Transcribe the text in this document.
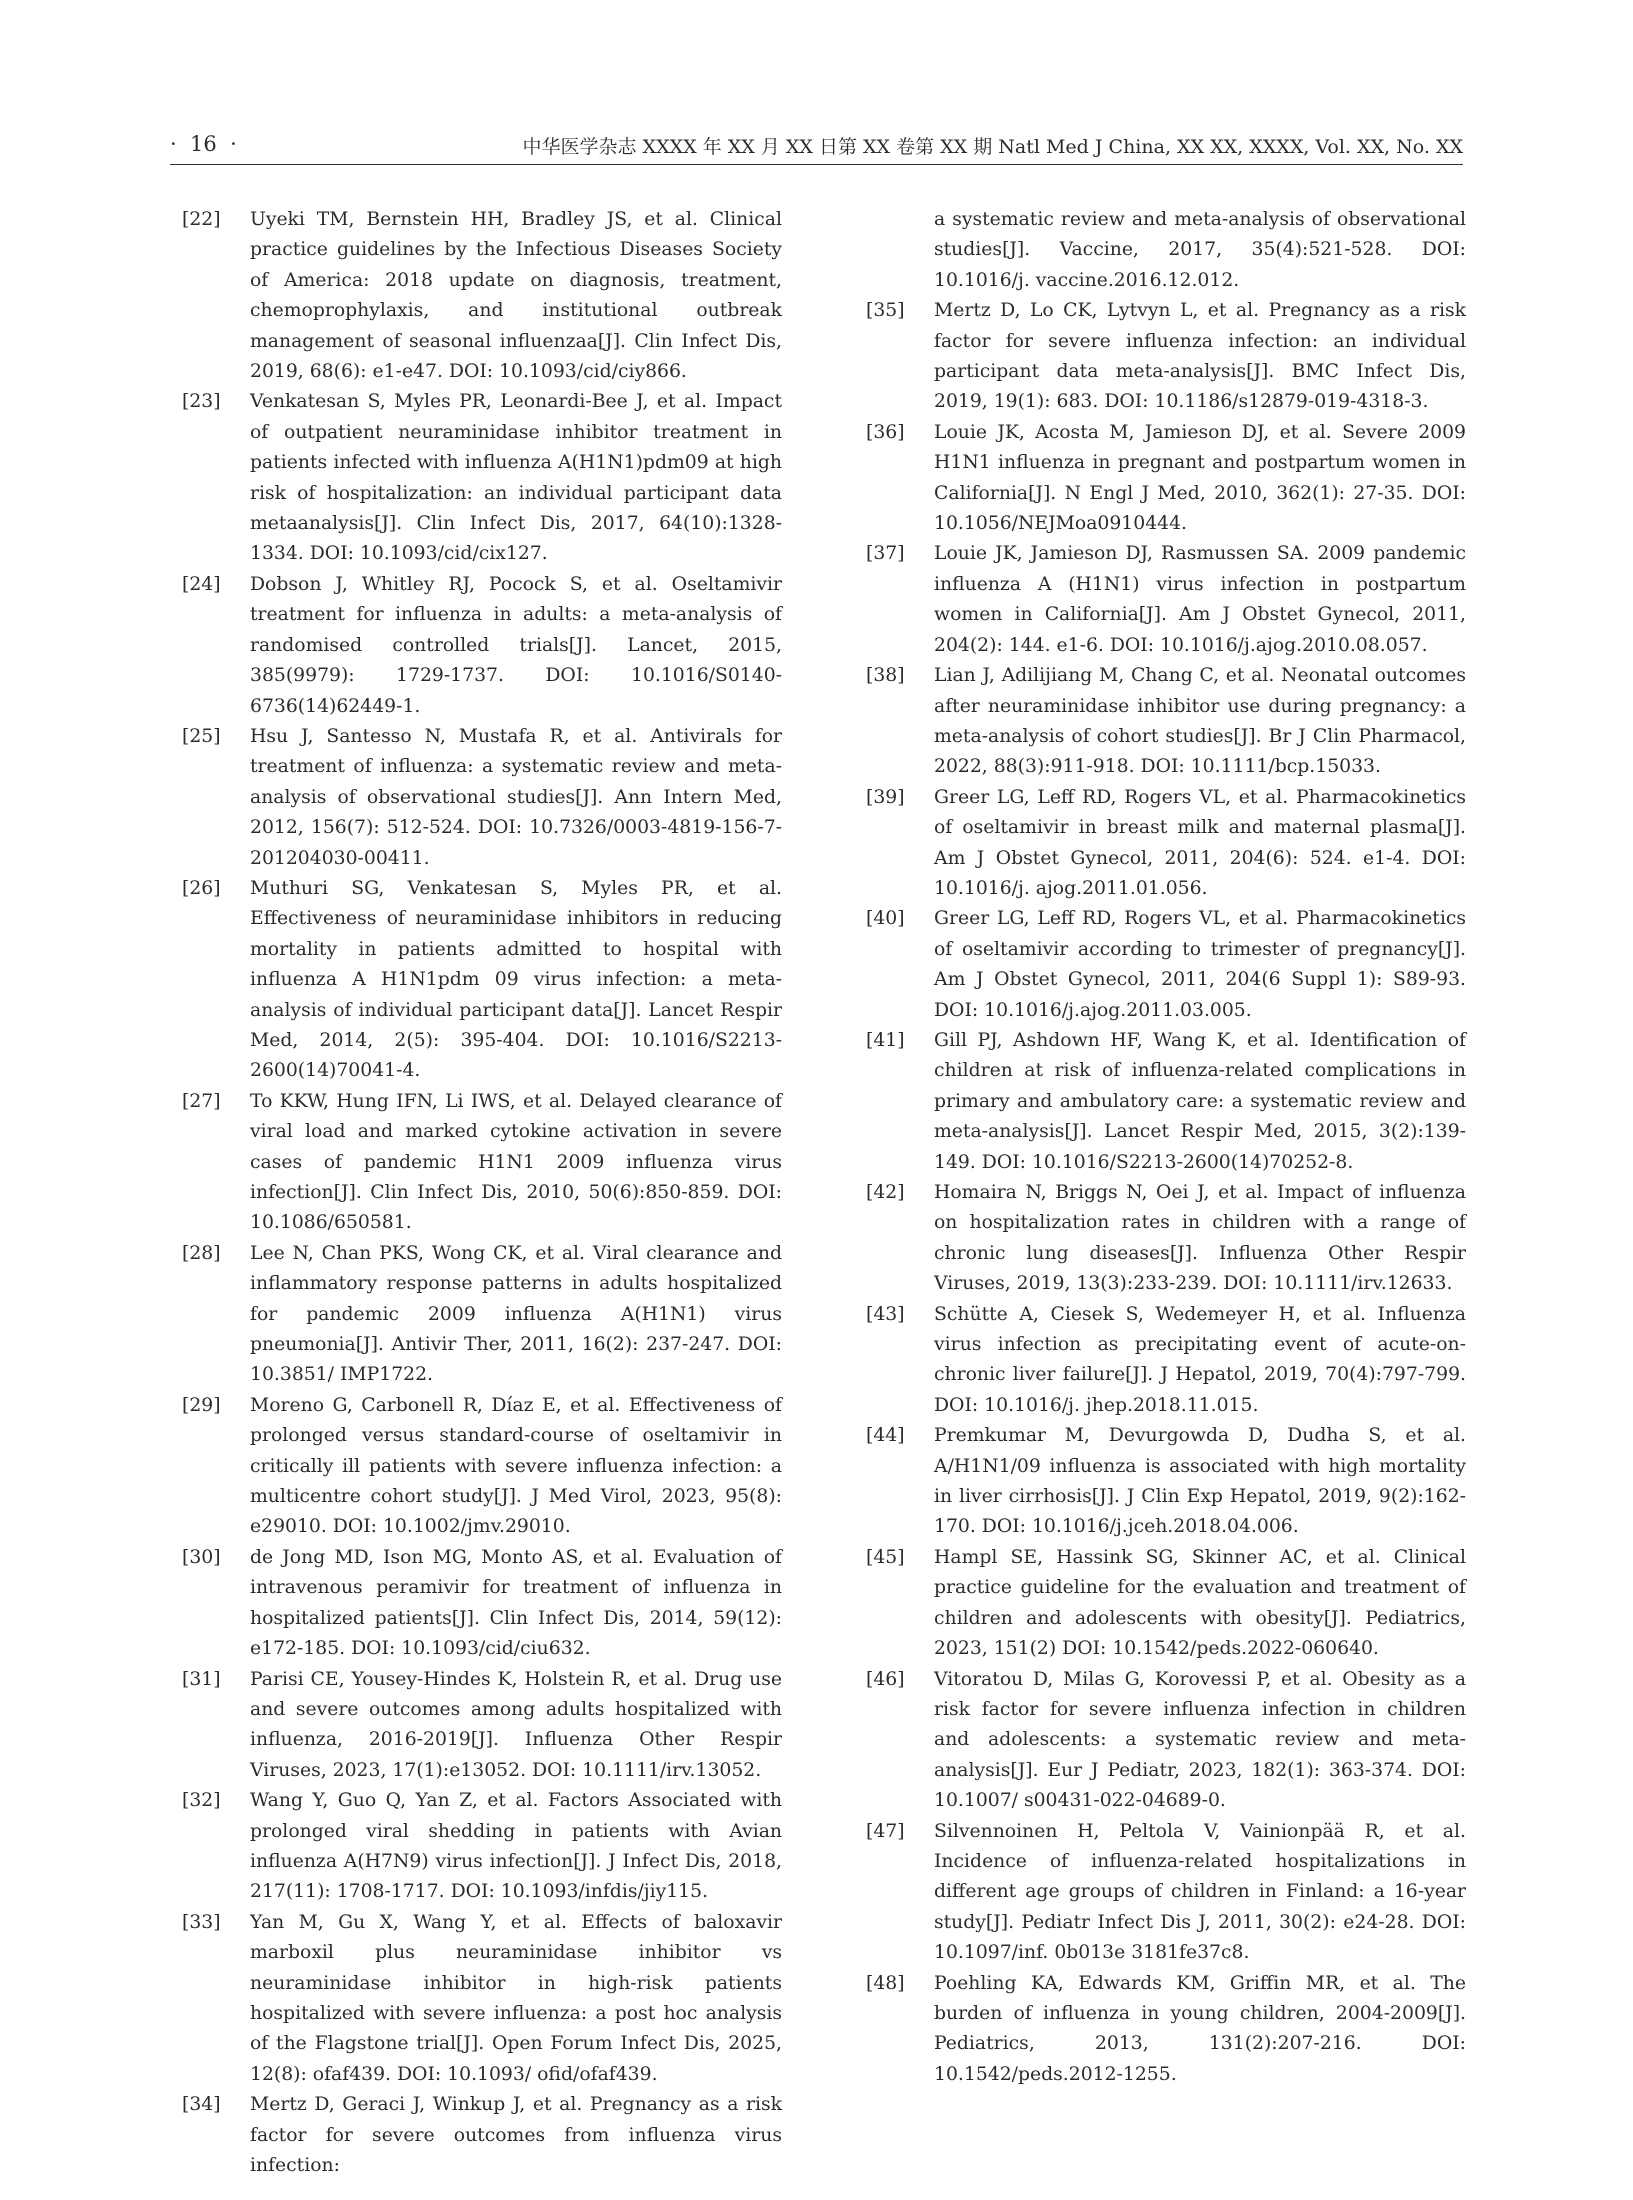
·  16  ·	中华医学杂志 XXXX 年 XX 月 XX 日第 XX 卷第 XX 期 Natl Med J China, XX XX, XXXX, Vol. XX, No. XX
[22] Uyeki TM, Bernstein HH, Bradley JS, et al. Clinical practice guidelines by the Infectious Diseases Society of America: 2018 update on diagnosis, treatment, chemoprophylaxis, and institutional outbreak management of seasonal influenzaa[J]. Clin Infect Dis, 2019, 68(6): e1-e47. DOI: 10.1093/cid/ciy866.
[23] Venkatesan S, Myles PR, Leonardi-Bee J, et al. Impact of outpatient neuraminidase inhibitor treatment in patients infected with influenza A(H1N1)pdm09 at high risk of hospitalization: an individual participant data metaanalysis[J]. Clin Infect Dis, 2017, 64(10):1328-1334. DOI: 10.1093/cid/cix127.
[24] Dobson J, Whitley RJ, Pocock S, et al. Oseltamivir treatment for influenza in adults: a meta-analysis of randomised controlled trials[J]. Lancet, 2015, 385(9979): 1729-1737. DOI: 10.1016/S0140-6736(14)62449-1.
[25] Hsu J, Santesso N, Mustafa R, et al. Antivirals for treatment of influenza: a systematic review and meta-analysis of observational studies[J]. Ann Intern Med, 2012, 156(7): 512-524. DOI: 10.7326/0003-4819-156-7-201204030-00411.
[26] Muthuri SG, Venkatesan S, Myles PR, et al. Effectiveness of neuraminidase inhibitors in reducing mortality in patients admitted to hospital with influenza A H1N1pdm 09 virus infection: a meta-analysis of individual participant data[J]. Lancet Respir Med, 2014, 2(5): 395-404. DOI: 10.1016/S2213-2600(14)70041-4.
[27] To KKW, Hung IFN, Li IWS, et al. Delayed clearance of viral load and marked cytokine activation in severe cases of pandemic H1N1 2009 influenza virus infection[J]. Clin Infect Dis, 2010, 50(6):850-859. DOI: 10.1086/650581.
[28] Lee N, Chan PKS, Wong CK, et al. Viral clearance and inflammatory response patterns in adults hospitalized for pandemic 2009 influenza A(H1N1) virus pneumonia[J]. Antivir Ther, 2011, 16(2): 237-247. DOI: 10.3851/ IMP1722.
[29] Moreno G, Carbonell R, Díaz E, et al. Effectiveness of prolonged versus standard-course of oseltamivir in critically ill patients with severe influenza infection: a multicentre cohort study[J]. J Med Virol, 2023, 95(8): e29010. DOI: 10.1002/jmv.29010.
[30] de Jong MD, Ison MG, Monto AS, et al. Evaluation of intravenous peramivir for treatment of influenza in hospitalized patients[J]. Clin Infect Dis, 2014, 59(12): e172-185. DOI: 10.1093/cid/ciu632.
[31] Parisi CE, Yousey-Hindes K, Holstein R, et al. Drug use and severe outcomes among adults hospitalized with influenza, 2016-2019[J]. Influenza Other Respir Viruses, 2023, 17(1):e13052. DOI: 10.1111/irv.13052.
[32] Wang Y, Guo Q, Yan Z, et al. Factors Associated with prolonged viral shedding in patients with Avian influenza A(H7N9) virus infection[J]. J Infect Dis, 2018, 217(11): 1708-1717. DOI: 10.1093/infdis/jiy115.
[33] Yan M, Gu X, Wang Y, et al. Effects of baloxavir marboxil plus neuraminidase inhibitor vs neuraminidase inhibitor in high-risk patients hospitalized with severe influenza: a post hoc analysis of the Flagstone trial[J]. Open Forum Infect Dis, 2025, 12(8): ofaf439. DOI: 10.1093/ ofid/ofaf439.
[34] Mertz D, Geraci J, Winkup J, et al. Pregnancy as a risk factor for severe outcomes from influenza virus infection:
a systematic review and meta-analysis of observational studies[J]. Vaccine, 2017, 35(4):521-528. DOI: 10.1016/j. vaccine.2016.12.012.
[35] Mertz D, Lo CK, Lytvyn L, et al. Pregnancy as a risk factor for severe influenza infection: an individual participant data meta-analysis[J]. BMC Infect Dis, 2019, 19(1): 683. DOI: 10.1186/s12879-019-4318-3.
[36] Louie JK, Acosta M, Jamieson DJ, et al. Severe 2009 H1N1 influenza in pregnant and postpartum women in California[J]. N Engl J Med, 2010, 362(1): 27-35. DOI: 10.1056/NEJMoa0910444.
[37] Louie JK, Jamieson DJ, Rasmussen SA. 2009 pandemic influenza A (H1N1) virus infection in postpartum women in California[J]. Am J Obstet Gynecol, 2011, 204(2): 144. e1-6. DOI: 10.1016/j.ajog.2010.08.057.
[38] Lian J, Adilijiang M, Chang C, et al. Neonatal outcomes after neuraminidase inhibitor use during pregnancy: a meta-analysis of cohort studies[J]. Br J Clin Pharmacol, 2022, 88(3):911-918. DOI: 10.1111/bcp.15033.
[39] Greer LG, Leff RD, Rogers VL, et al. Pharmacokinetics of oseltamivir in breast milk and maternal plasma[J]. Am J Obstet Gynecol, 2011, 204(6): 524. e1-4. DOI: 10.1016/j. ajog.2011.01.056.
[40] Greer LG, Leff RD, Rogers VL, et al. Pharmacokinetics of oseltamivir according to trimester of pregnancy[J]. Am J Obstet Gynecol, 2011, 204(6 Suppl 1): S89-93. DOI: 10.1016/j.ajog.2011.03.005.
[41] Gill PJ, Ashdown HF, Wang K, et al. Identification of children at risk of influenza-related complications in primary and ambulatory care: a systematic review and meta-analysis[J]. Lancet Respir Med, 2015, 3(2):139-149. DOI: 10.1016/S2213-2600(14)70252-8.
[42] Homaira N, Briggs N, Oei J, et al. Impact of influenza on hospitalization rates in children with a range of chronic lung diseases[J]. Influenza Other Respir Viruses, 2019, 13(3):233-239. DOI: 10.1111/irv.12633.
[43] Schütte A, Ciesek S, Wedemeyer H, et al. Influenza virus infection as precipitating event of acute-on-chronic liver failure[J]. J Hepatol, 2019, 70(4):797-799. DOI: 10.1016/j. jhep.2018.11.015.
[44] Premkumar M, Devurgowda D, Dudha S, et al. A/H1N1/09 influenza is associated with high mortality in liver cirrhosis[J]. J Clin Exp Hepatol, 2019, 9(2):162-170. DOI: 10.1016/j.jceh.2018.04.006.
[45] Hampl SE, Hassink SG, Skinner AC, et al. Clinical practice guideline for the evaluation and treatment of children and adolescents with obesity[J]. Pediatrics, 2023, 151(2) DOI: 10.1542/peds.2022-060640.
[46] Vitoratou D, Milas G, Korovessi P, et al. Obesity as a risk factor for severe influenza infection in children and adolescents: a systematic review and meta-analysis[J]. Eur J Pediatr, 2023, 182(1): 363-374. DOI: 10.1007/ s00431-022-04689-0.
[47] Silvennoinen H, Peltola V, Vainionpää R, et al. Incidence of influenza-related hospitalizations in different age groups of children in Finland: a 16-year study[J]. Pediatr Infect Dis J, 2011, 30(2): e24-28. DOI: 10.1097/inf. 0b013e 3181fe37c8.
[48] Poehling KA, Edwards KM, Griffin MR, et al. The burden of influenza in young children, 2004-2009[J]. Pediatrics, 2013, 131(2):207-216. DOI: 10.1542/peds.2012-1255.
